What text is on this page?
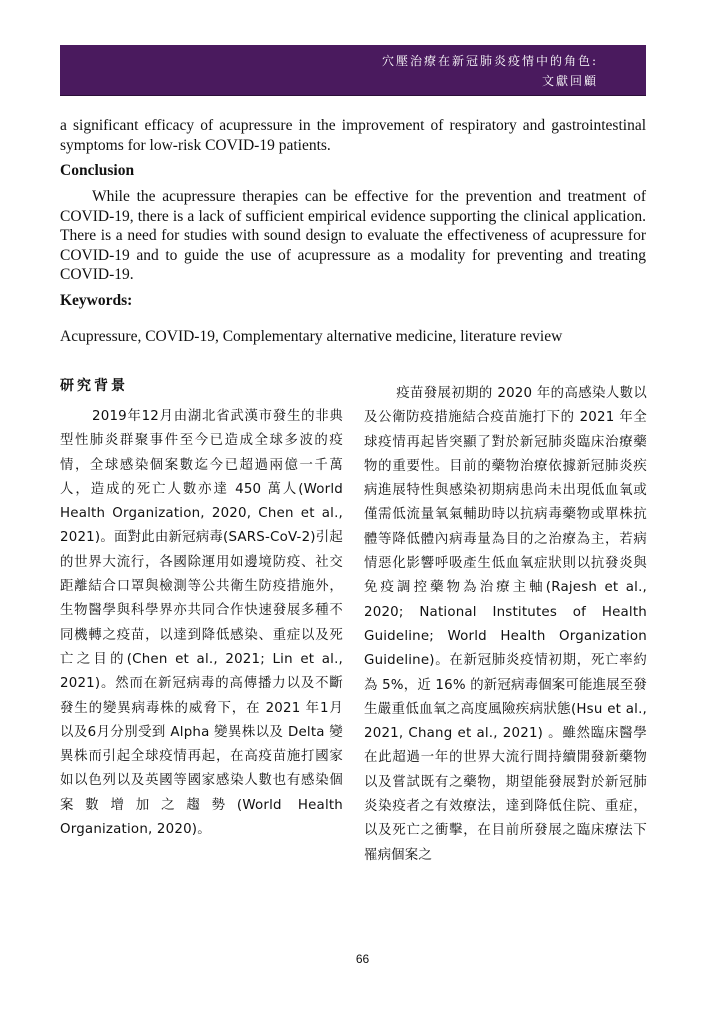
穴壓治療在新冠肺炎疫情中的角色:
文獻回顧

a significant efficacy of acupressure in the improvement of respiratory and gastrointestinal symptoms for low-risk COVID-19 patients.

Conclusion

While the acupressure therapies can be effective for the prevention and treatment of COVID-19, there is a lack of sufficient empirical evidence supporting the clinical application. There is a need for studies with sound design to evaluate the effectiveness of acupressure for COVID-19 and to guide the use of acupressure as a modality for preventing and treating COVID-19.

Keywords:

Acupressure, COVID-19, Complementary alternative medicine, literature review

研究背景

2019年12月由湖北省武漢市發生的非典型性肺炎群聚事件至今已造成全球多波的疫情，全球感染個案數迄今已超過兩億一千萬人，造成的死亡人數亦達 450 萬人(World Health Organization, 2020, Chen et al., 2021)。面對此由新冠病毒(SARS-CoV-2)引起的世界大流行，各國除運用如邊境防疫、社交距離結合口罩與檢測等公共衛生防疫措施外，生物醫學與科學界亦共同合作快速發展多種不同機轉之疫苗，以達到降低感染、重症以及死亡之目的(Chen et al., 2021; Lin et al., 2021)。然而在新冠病毒的高傳播力以及不斷發生的變異病毒株的威脅下，在 2021 年1月以及6月分別受到 Alpha 變異株以及 Delta 變異株而引起全球疫情再起，在高疫苗施打國家如以色列以及英國等國家感染人數也有感染個案數增加之趨勢(World Health Organization, 2020)。

疫苗發展初期的 2020 年的高感染人數以及公衛防疫措施結合疫苗施打下的 2021 年全球疫情再起皆突顯了對於新冠肺炎臨床治療藥物的重要性。目前的藥物治療依據新冠肺炎疾病進展特性與感染初期病患尚未出現低血氧或僅需低流量氧氣輔助時以抗病毒藥物或單株抗體等降低體內病毒量為目的之治療為主，若病情惡化影響呼吸產生低血氧症狀則以抗發炎與免疫調控藥物為治療主軸(Rajesh et al., 2020; National Institutes of Health Guideline; World Health Organization Guideline)。在新冠肺炎疫情初期，死亡率約為 5%，近 16% 的新冠病毒個案可能進展至發生嚴重低血氧之高度風險疾病狀態(Hsu et al., 2021, Chang et al., 2021) 。雖然臨床醫學在此超過一年的世界大流行間持續開發新藥物以及嘗試既有之藥物，期望能發展對於新冠肺炎染疫者之有效療法，達到降低住院、重症，以及死亡之衝擊，在目前所發展之臨床療法下罹病個案之

66
